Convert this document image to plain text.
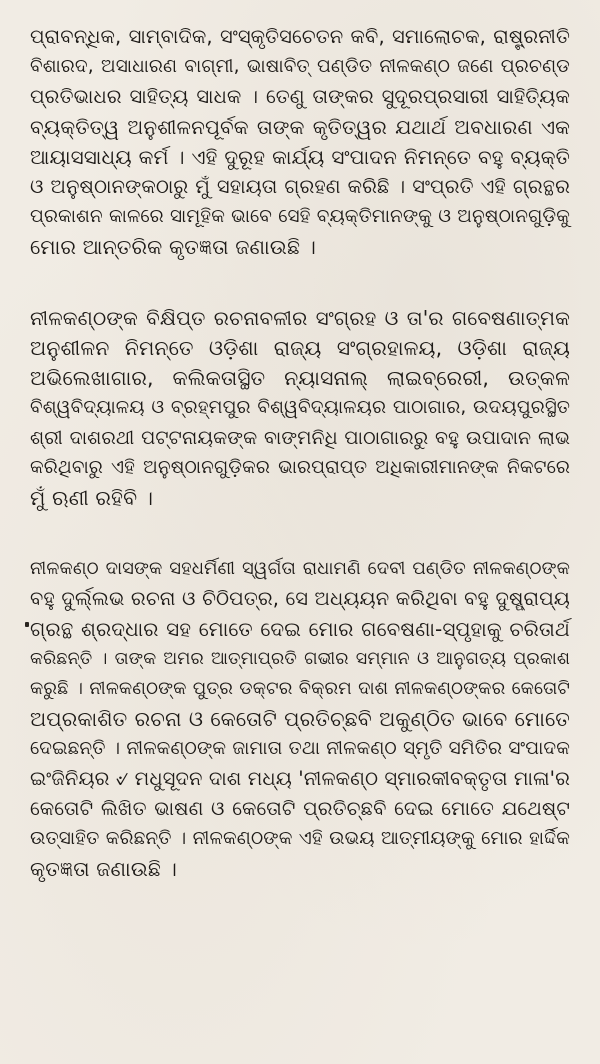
ପ୍ରାବନ୍ଧିକ, ସାମ୍ବାଦିକ, ସଂସ୍କୃତିସଚେତନ କବି, ସମାଲୋଚକ, ରାଷ୍ଟ୍ରନୀତି
ବିଶାରଦ, ଅସାଧାରଣ ବାଗ୍ମୀ, ଭାଷାବିତ୍ ପଣ୍ଡିତ ନୀଳକଣ୍ଠ ଜଣେ ପ୍ରଚଣ୍ଡ
ପ୍ରତିଭାଧର ସାହିତ୍ୟ ସାଧକ । ତେଣୁ ତାଙ୍କର ସୁଦୂରପ୍ରସାରୀ ସାହିତ୍ୟିକ
ବ୍ୟକ୍ତିତ୍ୱ ଅନୁଶୀଳନପୂର୍ବକ ତାଙ୍କ କୃତିତ୍ୱର ଯଥାର୍ଥ ଅବଧାରଣ ଏକ
ଆୟାସସାଧ୍ୟ କର୍ମ । ଏହି ଦୁରୂହ କାର୍ଯ୍ୟ ସଂପାଦନ ନିମନ୍ତେ ବହୁ ବ୍ୟକ୍ତି
ଓ ଅନୁଷ୍ଠାନଙ୍କଠାରୁ ମୁଁ ସହାୟତା ଗ୍ରହଣ କରିଛି । ସଂପ୍ରତି ଏହି ଗ୍ରନ୍ଥର
ପ୍ରକାଶନ କାଳରେ ସାମୂହିକ ଭାବେ ସେହି ବ୍ୟକ୍ତିମାନଙ୍କୁ ଓ ଅନୁଷ୍ଠାନଗୁଡ଼ିକୁ
ମୋର ଆନ୍ତରିକ କୃତଜ୍ଞତା ଜଣାଉଛି ।
ନୀଳକଣ୍ଠଙ୍କ ବିକ୍ଷିପ୍ତ ରଚନାବଳୀର ସଂଗ୍ରହ ଓ ତା'ର ଗବେଷଣାତ୍ମକ
ଅନୁଶୀଳନ ନିମନ୍ତେ ଓଡ଼ିଶା ରାଜ୍ୟ ସଂଗ୍ରହାଳୟ, ଓଡ଼ିଶା ରାଜ୍ୟ
ଅଭିଲେଖାଗାର, କଲିକତାସ୍ଥିତ ନ୍ୟାସନାଲ୍ ଲାଇବ୍ରେରୀ, ଉତ୍କଳ
ବିଶ୍ୱବିଦ୍ୟାଳୟ ଓ ବ୍ରହ୍ମପୁର ବିଶ୍ୱବିଦ୍ୟାଳୟର ପାଠାଗାର, ଉଦୟପୁରସ୍ଥିତ
ଶ୍ରୀ ଦାଶରଥୀ ପଟ୍ଟନାୟକଙ୍କ ବାଙ୍ମନିଧି ପାଠାଗାରରୁ ବହୁ ଉପାଦାନ ଲାଭ
କରିଥିବାରୁ ଏହି ଅନୁଷ୍ଠାନଗୁଡ଼ିକର ଭାରପ୍ରାପ୍ତ ଅଧିକାରୀମାନଙ୍କ ନିକଟରେ
ମୁଁ ଋଣୀ ରହିବି ।
ନୀଳକଣ୍ଠ ଦାସଙ୍କ ସହଧର୍ମିଣୀ ସ୍ୱର୍ଗତା ରାଧାମଣି ଦେବୀ ପଣ୍ଡିତ ନୀଳକଣ୍ଠଙ୍କ
ବହୁ ଦୁର୍ଲ୍ଲଭ ରଚନା ଓ ଚିଠିପତ୍ର, ସେ ଅଧ୍ୟୟନ କରିଥିବା ବହୁ ଦୁଷ୍ପ୍ରାପ୍ୟ
ଗ୍ରନ୍ଥ ଶ୍ରଦ୍ଧାର ସହ ମୋତେ ଦେଇ ମୋର ଗବେଷଣା-ସ୍ପୃହାକୁ ଚରିତାର୍ଥ
କରିଛନ୍ତି । ତାଙ୍କ ଅମର ଆତ୍ମାପ୍ରତି ଗଭୀର ସମ୍ମାନ ଓ ଆନୁଗତ୍ୟ ପ୍ରକାଶ
କରୁଛି । ନୀଳକଣ୍ଠଙ୍କ ପୁତ୍ର ଡକ୍ଟର ବିକ୍ରମ ଦାଶ ନୀଳକଣ୍ଠଙ୍କର କେତୋଟି
ଅପ୍ରକାଶିତ ରଚନା ଓ କେତୋଟି ପ୍ରତିଚ୍ଛବି ଅକୁଣ୍ଠିତ ଭାବେ ମୋତେ
ଦେଇଛନ୍ତି । ନୀଳକଣ୍ଠଙ୍କ ଜାମାତା ତଥା ନୀଳକଣ୍ଠ ସ୍ମୃତି ସମିତିର ସଂପାଦକ
ଇଂଜିନିୟର ୰ ମଧୁସୂଦନ ଦାଶ ମଧ୍ୟ 'ନୀଳକଣ୍ଠ ସ୍ମାରକୀବକ୍ତୃତା ମାଳା'ର
କେତୋଟି ଲିଖିତ ଭାଷଣ ଓ କେତୋଟି ପ୍ରତିଚ୍ଛବି ଦେଇ ମୋତେ ଯଥେଷ୍ଟ
ଉତ୍ସାହିତ କରିଛନ୍ତି । ନୀଳକଣ୍ଠଙ୍କ ଏହି ଉଭୟ ଆତ୍ମୀୟଙ୍କୁ ମୋର ହାର୍ଦ୍ଦିକ
କୃତଜ୍ଞତା ଜଣାଉଛି ।
